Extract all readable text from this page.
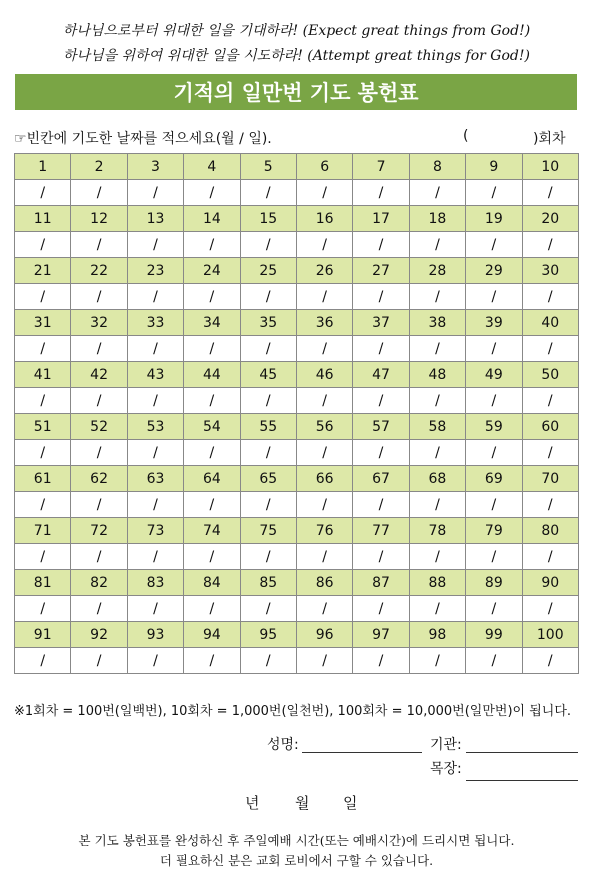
하나님으로부터 위대한 일을 기대하라! (Expect great things from God!)
하나님을 위하여 위대한 일을 시도하라! (Attempt great things for God!)
기적의 일만번 기도 봉헌표
☞빈칸에 기도한 날짜를 적으세요(월 / 일).	(	)회차
1	2	3	4	5	6	7	8	9	10
/	/	/	/	/	/	/	/	/	/
11	12	13	14	15	16	17	18	19	20
/	/	/	/	/	/	/	/	/	/
21	22	23	24	25	26	27	28	29	30
/	/	/	/	/	/	/	/	/	/
31	32	33	34	35	36	37	38	39	40
/	/	/	/	/	/	/	/	/	/
41	42	43	44	45	46	47	48	49	50
/	/	/	/	/	/	/	/	/	/
51	52	53	54	55	56	57	58	59	60
/	/	/	/	/	/	/	/	/	/
61	62	63	64	65	66	67	68	69	70
/	/	/	/	/	/	/	/	/	/
71	72	73	74	75	76	77	78	79	80
/	/	/	/	/	/	/	/	/	/
81	82	83	84	85	86	87	88	89	90
/	/	/	/	/	/	/	/	/	/
91	92	93	94	95	96	97	98	99	100
/	/	/	/	/	/	/	/	/	/
※1회차 = 100번(일백번), 10회차 = 1,000번(일천번), 100회차 = 10,000번(일만번)이 됩니다.
성명:	기관:
목장:
년 월 일
본 기도 봉헌표를 완성하신 후 주일예배 시간(또는 예배시간)에 드리시면 됩니다.
더 필요하신 분은 교회 로비에서 구할 수 있습니다.
